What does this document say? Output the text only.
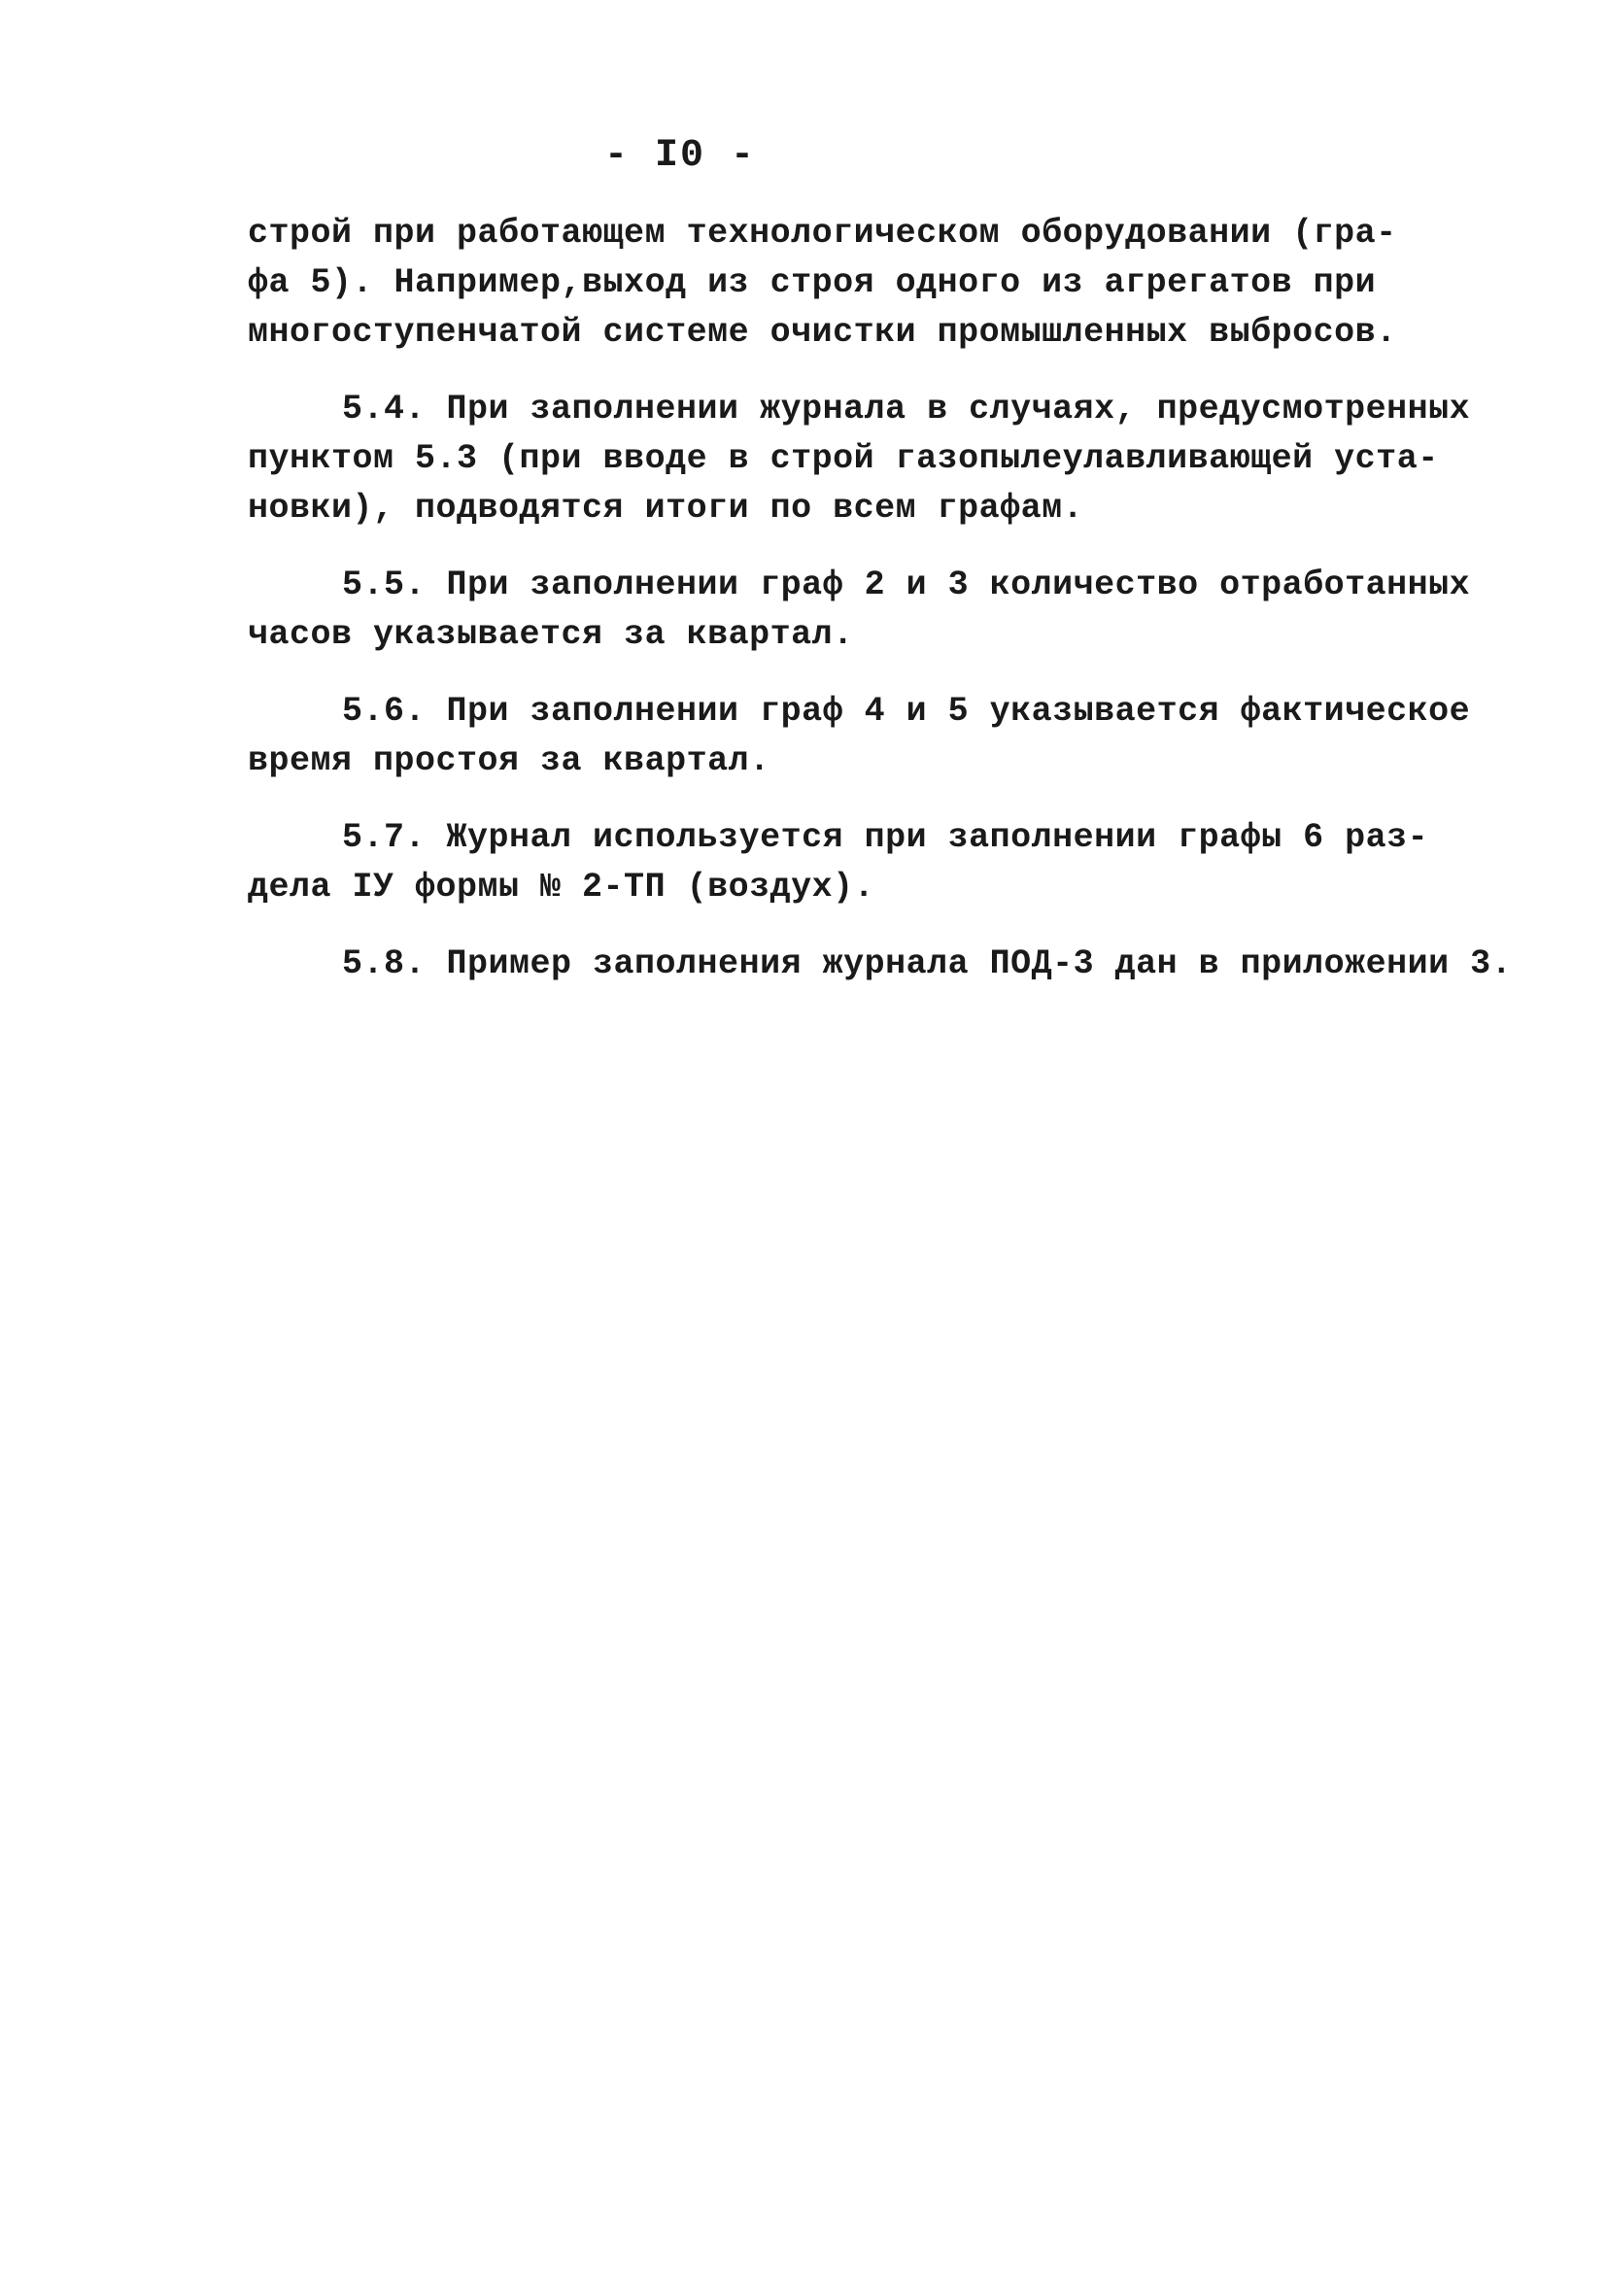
- I0 -

строй при работающем технологическом оборудовании (гра-
фа 5). Например,выход из строя одного из агрегатов при
многоступенчатой системе очистки промышленных выбросов.

5.4. При заполнении журнала в случаях, предусмотренных
пунктом 5.3 (при вводе в строй газопылеулавливающей уста-
новки), подводятся итоги по всем графам.

5.5. При заполнении граф 2 и 3 количество отработанных
часов указывается за квартал.

5.6. При заполнении граф 4 и 5 указывается фактическое
время простоя за квартал.

5.7. Журнал используется при заполнении графы 6 раз-
дела IУ формы № 2-ТП (воздух).

5.8. Пример заполнения журнала ПОД-3 дан в приложении 3.
